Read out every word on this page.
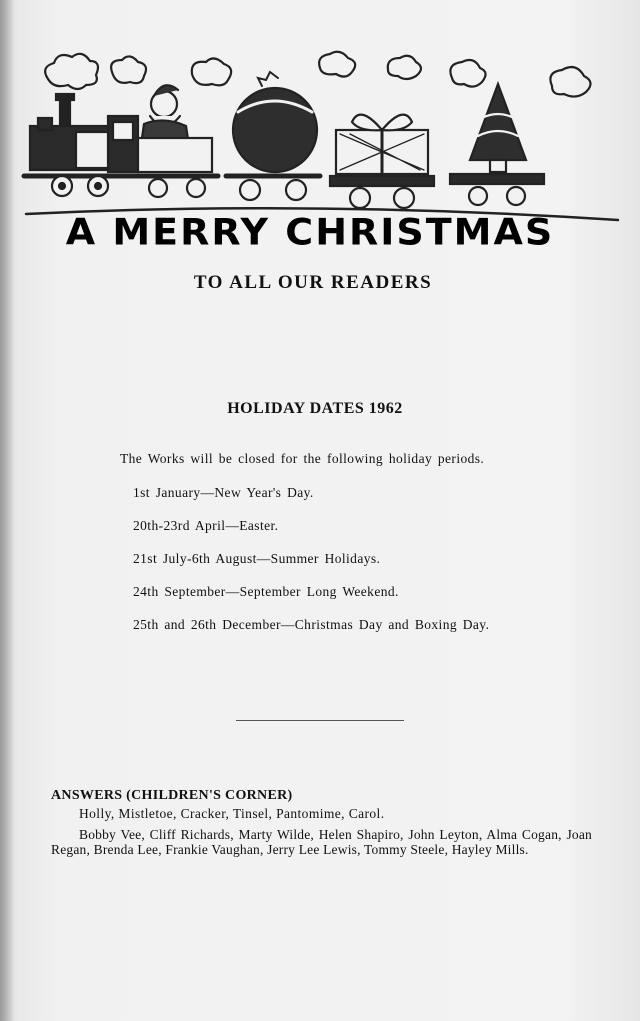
A MERRY CHRISTMAS
TO ALL OUR READERS
HOLIDAY DATES 1962
The Works will be closed for the following holiday periods.
1st January—New Year's Day.
20th-23rd April—Easter.
21st July-6th August—Summer Holidays.
24th September—September Long Weekend.
25th and 26th December—Christmas Day and Boxing Day.
ANSWERS (CHILDREN'S CORNER)
Holly, Mistletoe, Cracker, Tinsel, Pantomime, Carol.
Bobby Vee, Cliff Richards, Marty Wilde, Helen Shapiro, John Leyton, Alma Cogan, Joan Regan, Brenda Lee, Frankie Vaughan, Jerry Lee Lewis, Tommy Steele, Hayley Mills.
